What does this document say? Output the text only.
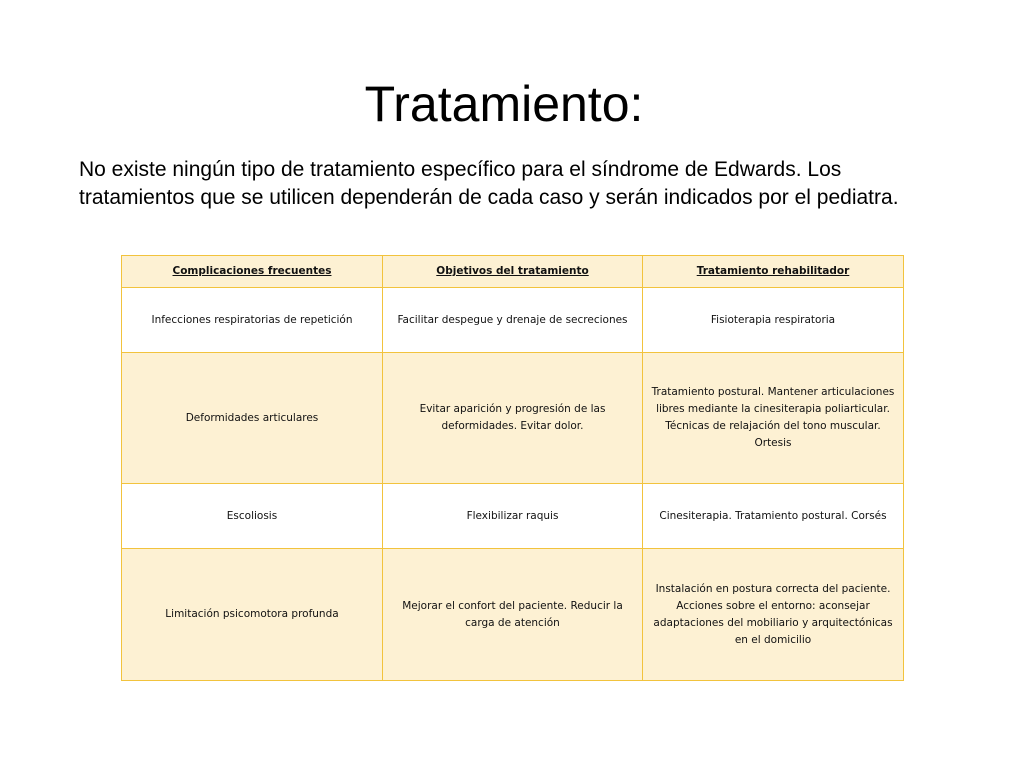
Tratamiento:

No existe ningún tipo de tratamiento específico para el síndrome de Edwards. Los tratamientos que se utilicen dependerán de cada caso y serán indicados por el pediatra.

Complicaciones frecuentes	Objetivos del tratamiento	Tratamiento rehabilitador
Infecciones respiratorias de repetición	Facilitar despegue y drenaje de secreciones	Fisioterapia respiratoria
Deformidades articulares	Evitar aparición y progresión de las deformidades. Evitar dolor.	Tratamiento postural. Mantener articulaciones libres mediante la cinesiterapia poliarticular. Técnicas de relajación del tono muscular. Ortesis
Escoliosis	Flexibilizar raquis	Cinesiterapia. Tratamiento postural. Corsés
Limitación psicomotora profunda	Mejorar el confort del paciente. Reducir la carga de atención	Instalación en postura correcta del paciente. Acciones sobre el entorno: aconsejar adaptaciones del mobiliario y arquitectónicas en el domicilio
